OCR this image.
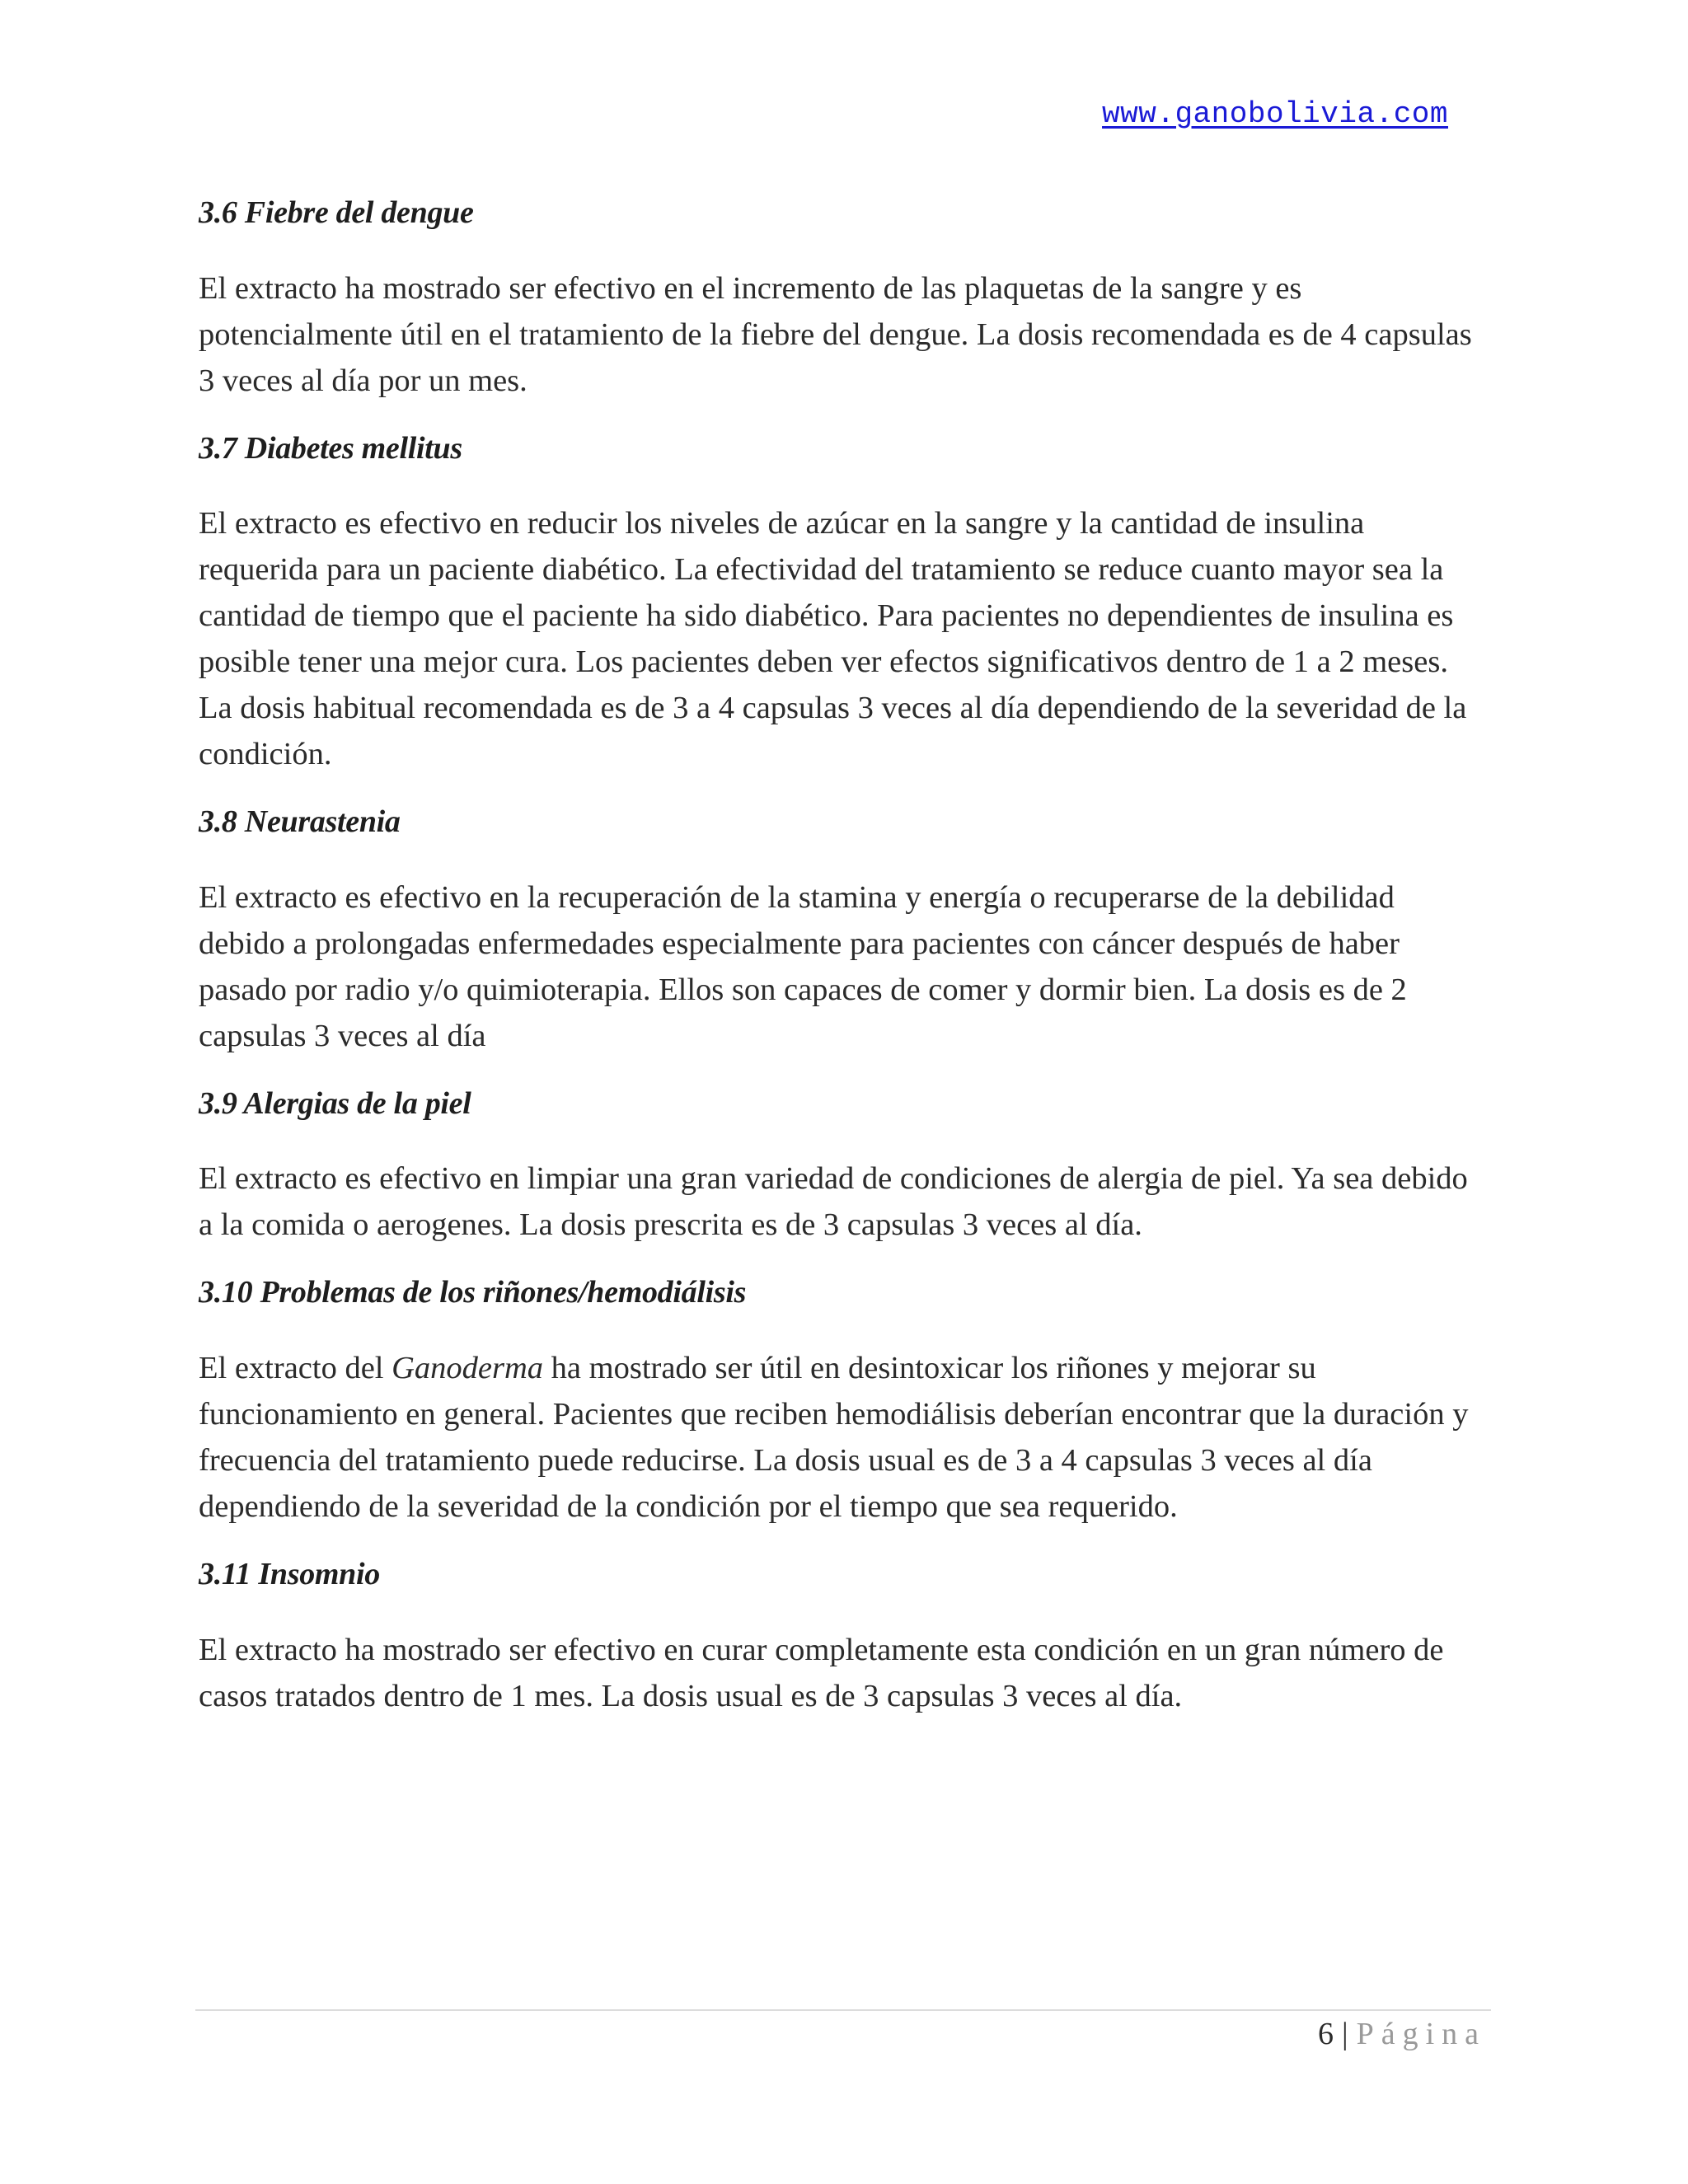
www.ganobolivia.com
3.6 Fiebre del dengue

El extracto ha mostrado ser efectivo en el incremento de las plaquetas de la sangre y es potencialmente útil en el tratamiento de la fiebre del dengue. La dosis recomendada es de 4 capsulas 3 veces al día por un mes.

3.7 Diabetes mellitus

El extracto es efectivo en reducir los niveles de azúcar en la sangre y la cantidad de insulina requerida para un paciente diabético. La efectividad del tratamiento se reduce cuanto mayor sea la cantidad de tiempo que el paciente ha sido diabético. Para pacientes no dependientes de insulina es posible tener una mejor cura. Los pacientes deben ver efectos significativos dentro de 1 a 2 meses. La dosis habitual recomendada es de 3 a 4 capsulas 3 veces al día dependiendo de la severidad de la condición.

3.8 Neurastenia

El extracto es efectivo en la recuperación de la stamina y energía o recuperarse de la debilidad debido a prolongadas enfermedades especialmente para pacientes con cáncer después de haber pasado por radio y/o quimioterapia. Ellos son capaces de comer y dormir bien. La dosis es de 2 capsulas 3 veces al día

3.9 Alergias de la piel

El extracto es efectivo en limpiar una gran variedad de condiciones de alergia de piel. Ya sea debido a la comida o aerogenes. La dosis prescrita es de 3 capsulas 3 veces al día.

3.10 Problemas de los riñones/hemodiálisis

El extracto del Ganoderma ha mostrado ser útil en desintoxicar los riñones y mejorar su funcionamiento en general. Pacientes que reciben hemodiálisis deberían encontrar que la duración y frecuencia del tratamiento puede reducirse. La dosis usual es de 3 a 4 capsulas 3 veces al día dependiendo de la severidad de la condición por el tiempo que sea requerido.

3.11 Insomnio

El extracto ha mostrado ser efectivo en curar completamente esta condición en un gran número de casos tratados dentro de 1 mes. La dosis usual es de 3 capsulas 3 veces al día.

6 | Página
